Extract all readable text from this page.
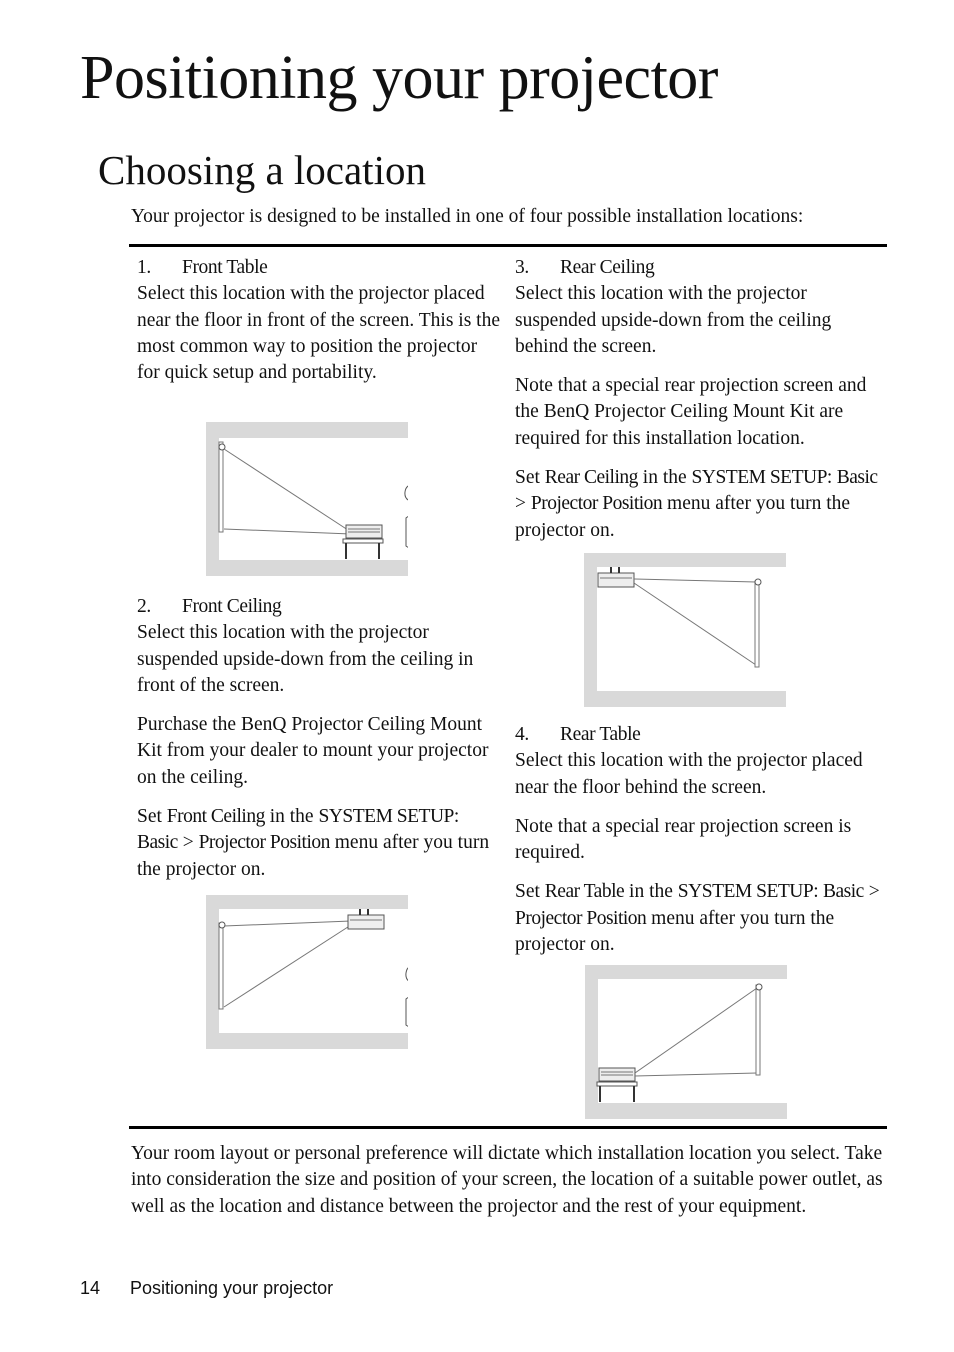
Positioning your projector
Choosing a location
Your projector is designed to be installed in one of four possible installation locations:
1. Front Table

Select this location with the projector placed near the floor in front of the screen. This is the most common way to position the projector for quick setup and portability.

2. Front Ceiling

Select this location with the projector suspended upside-down from the ceiling in front of the screen.

Purchase the BenQ Projector Ceiling Mount Kit from your dealer to mount your projector on the ceiling.

Set Front Ceiling in the SYSTEM SETUP: Basic > Projector Position menu after you turn the projector on.

3. Rear Ceiling

Select this location with the projector suspended upside-down from the ceiling behind the screen.

Note that a special rear projection screen and the BenQ Projector Ceiling Mount Kit are required for this installation location.

Set Rear Ceiling in the SYSTEM SETUP: Basic > Projector Position menu after you turn the projector on.

4. Rear Table

Select this location with the projector placed near the floor behind the screen.

Note that a special rear projection screen is required.

Set Rear Table in the SYSTEM SETUP: Basic > Projector Position menu after you turn the projector on.

Your room layout or personal preference will dictate which installation location you select. Take into consideration the size and position of your screen, the location of a suitable power outlet, as well as the location and distance between the projector and the rest of your equipment.
14 Positioning your projector
